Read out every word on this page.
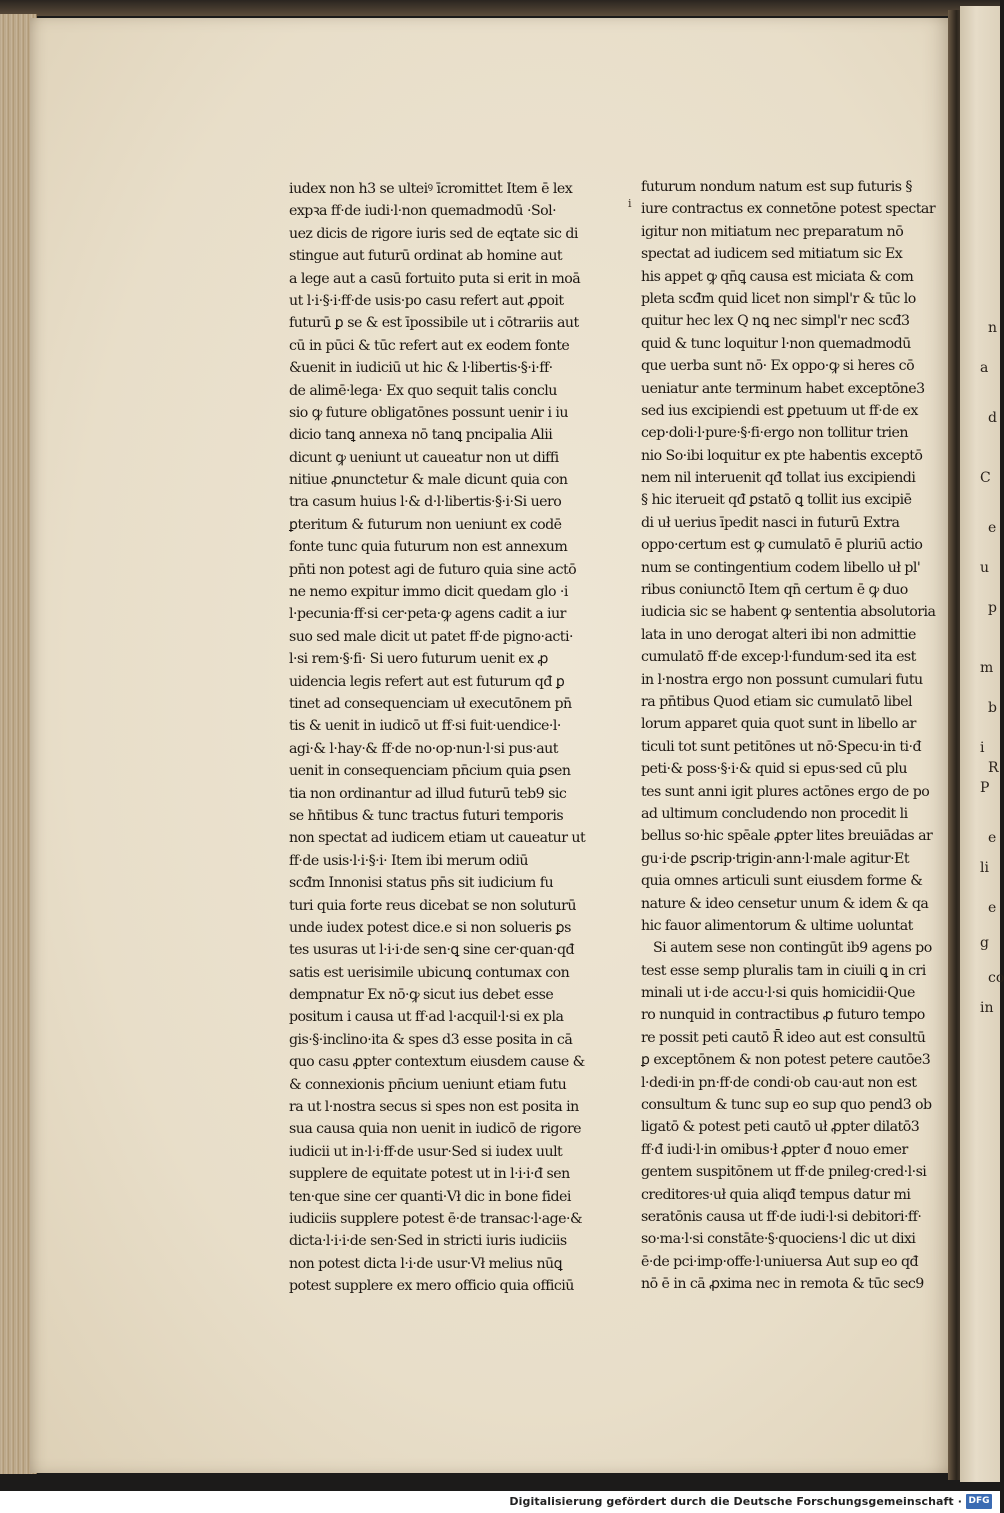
iudex non h3 se ulteiꝰ īcromittet Item ē lex
expꝛa ff·de iudi·l·non quemadmodū ·Sol·
uez dicis de rigore iuris sed de eqtate sic di
stingue aut futurū ordinat ab homine aut
a lege aut a casū fortuito puta si erit in moā
ut l·i·§·i·ff·de usis·po casu refert aut ꝓpoit
futurū ꝑ se & est īpossibile ut i cōtrariis aut
cū in pūci & tūc refert aut ex eodem fonte
&uenit in iudiciū ut hic & l·libertis·§·i·ff·
de alimē·lega· Ex quo sequit talis conclu
sio ꝙ future obligatōnes possunt uenir i iu
dicio tanꝗ annexa nō tanꝗ pncipalia Alii
dicunt ꝙ ueniunt ut caueatur non ut diffi
nitiue ꝓnunctetur & male dicunt quia con
tra casum huius l·& d·l·libertis·§·i·Si uero
ꝑteritum & futurum non ueniunt ex codē
fonte tunc quia futurum non est annexum
pn̄ti non potest agi de futuro quia sine actō
ne nemo expitur immo dicit quedam glo ·i
l·pecunia·ff·si cer·peta·ꝙ agens cadit a iur
suo sed male dicit ut patet ff·de pigno·acti·
l·si rem·§·fi· Si uero futurum uenit ex ꝓ
uidencia legis refert aut est futurum qđ ꝑ
tinet ad consequenciam uł executōnem pn̄
tis & uenit in iudicō ut ff·si fuit·uendice·l·
agi·& l·hay·& ff·de no·op·nun·l·si pus·aut
uenit in consequenciam pn̄cium quia ꝑsen
tia non ordinantur ad illud futurū teb9 sic
se hn̄tibus & tunc tractus futuri temporis
non spectat ad iudicem etiam ut caueatur ut
ff·de usis·l·i·§·i· Item ibi merum odiū
scđm Innonisi status pn̄s sit iudicium fu
turi quia forte reus dicebat se non soluturū
unde iudex potest dice.e si non solueris ꝑs
tes usuras ut l·i·i·de sen·ꝗ sine cer·quan·qđ
satis est uerisimile ubicunꝗ contumax con
dempnatur Ex nō·ꝙ sicut ius debet esse
positum i causa ut ff·ad l·acquil·l·si ex pla
gis·§·inclino·ita & spes d3 esse posita in cā
quo casu ꝓpter contextum eiusdem cause &
& connexionis pn̄cium ueniunt etiam futu
ra ut l·nostra secus si spes non est posita in
sua causa quia non uenit in iudicō de rigore
iudicii ut in·l·i·ff·de usur·Sed si iudex uult
supplere de equitate potest ut in l·i·i·đ sen
ten·que sine cer quanti·Vł dic in bone fidei
iudiciis supplere potest ē·de transac·l·age·&
dicta·l·i·i·de sen·Sed in stricti iuris iudiciis
non potest dicta l·i·de usur·Vł melius nūꝗ
potest supplere ex mero officio quia officiū
futurum nondum natum est sup futuris §
iure contractus ex connetōne potest spectar
igitur non mitiatum nec preparatum nō
spectat ad iudicem sed mitiatum sic Ex
his appet ꝙ qn̄ꝗ causa est miciata & com
pleta scđm quid licet non simpl'r & tūc lo
quitur hec lex Q nꝗ nec simpl'r nec scđ3
quid & tunc loquitur l·non quemadmodū
que uerba sunt nō· Ex oppo·ꝙ si heres cō
ueniatur ante terminum habet exceptōne3
sed ius excipiendi est ꝑpetuum ut ff·de ex
cep·doli·l·pure·§·fi·ergo non tollitur trien
nio So·ibi loquitur ex pte habentis exceptō
nem nil interuenit qđ tollat ius excipiendi
§ hic iterueit qđ ꝑstatō ꝗ tollit ius excipiē
di uł uerius īpedit nasci in futurū Extra
oppo·certum est ꝙ cumulatō ē pluriū actio
num se contingentium codem libello uł pl'
ribus coniunctō Item qn̄ certum ē ꝙ duo
iudicia sic se habent ꝙ sententia absolutoria
lata in uno derogat alteri ibi non admittie
cumulatō ff·de excep·l·fundum·sed ita est
in l·nostra ergo non possunt cumulari futu
ra pn̄tibus Quod etiam sic cumulatō libel
lorum apparet quia quot sunt in libello ar
ticuli tot sunt petitōnes ut nō·Specu·in ti·đ
peti·& poss·§·i·& quid si epus·sed cū plu
tes sunt anni igit plures actōnes ergo de po
ad ultimum concludendo non procedit li
bellus so·hic spēale ꝓpter lites breuiādas ar
gu·i·de ꝑscrip·trigin·ann·l·male agitur·Et
quia omnes articuli sunt eiusdem forme &
nature & ideo censetur unum & idem & qa
hic fauor alimentorum & ultime uoluntat
Si autem sese non contingūt ib9 agens po
test esse semp pluralis tam in ciuili ꝗ in cri
minali ut i·de accu·l·si quis homicidii·Que
ro nunquid in contractibus ꝓ futuro tempo
re possit peti cautō R̄ ideo aut est consultū
ꝑ exceptōnem & non potest petere cautōe3
l·dedi·in pn·ff·de condi·ob cau·aut non est
consultum & tunc sup eo sup quo pend3 ob
ligatō & potest peti cautō uł ꝓpter dilatō3
ff·đ iudi·l·in omibus·ł ꝓpter đ nouo emer
gentem suspitōnem ut ff·de pnileg·cred·l·si
creditores·uł quia aliqđ tempus datur mi
seratōnis causa ut ff·de iudi·l·si debitori·ff·
so·ma·l·si constāte·§·quociens·l dic ut dixi
ē·de pci·imp·offe·l·uniuersa Aut sup eo qđ
nō ē in cā ꝓxima nec in remota & tūc sec9
i
Digitalisierung gefördert durch die Deutsche Forschungsgemeinschaft · DFG
n
a
d
C
e
u
p
m
b
i
R
P
e
li
e
g
co
in
